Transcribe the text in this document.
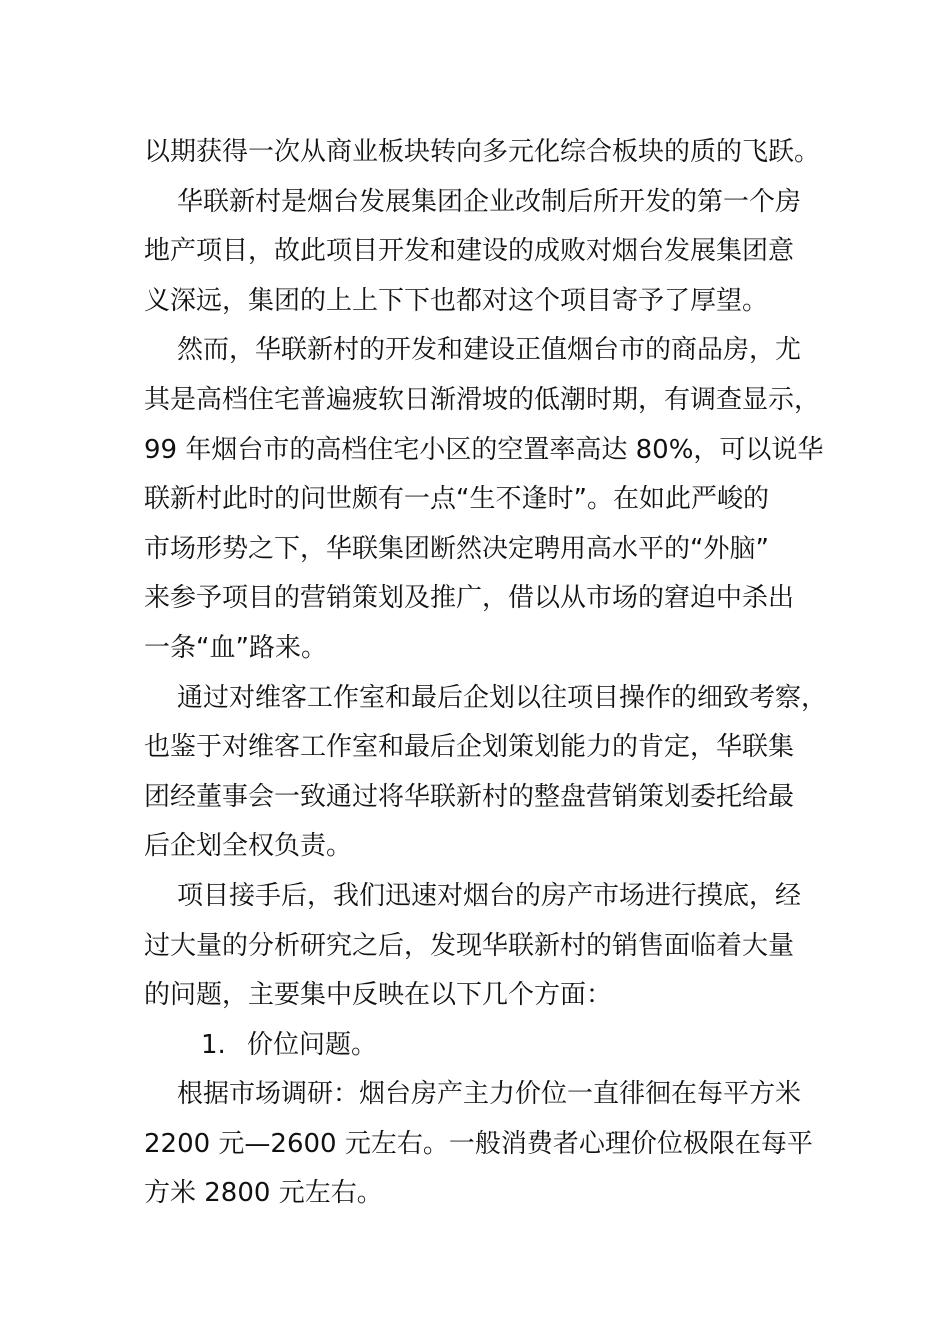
以期获得一次从商业板块转向多元化综合板块的质的飞跃。
华联新村是烟台发展集团企业改制后所开发的第一个房
地产项目，故此项目开发和建设的成败对烟台发展集团意
义深远，集团的上上下下也都对这个项目寄予了厚望。
然而，华联新村的开发和建设正值烟台市的商品房，尤
其是高档住宅普遍疲软日渐滑坡的低潮时期，有调查显示，
99 年烟台市的高档住宅小区的空置率高达 80%，可以说华
联新村此时的问世颇有一点“生不逢时”。在如此严峻的
市场形势之下，华联集团断然决定聘用高水平的“外脑”
来参予项目的营销策划及推广，借以从市场的窘迫中杀出
一条“血”路来。
通过对维客工作室和最后企划以往项目操作的细致考察，
也鉴于对维客工作室和最后企划策划能力的肯定，华联集
团经董事会一致通过将华联新村的整盘营销策划委托给最
后企划全权负责。
项目接手后，我们迅速对烟台的房产市场进行摸底，经
过大量的分析研究之后，发现华联新村的销售面临着大量
的问题，主要集中反映在以下几个方面：
1. 价位问题。
根据市场调研：烟台房产主力价位一直徘徊在每平方米
2200 元—2600 元左右。一般消费者心理价位极限在每平
方米 2800 元左右。
